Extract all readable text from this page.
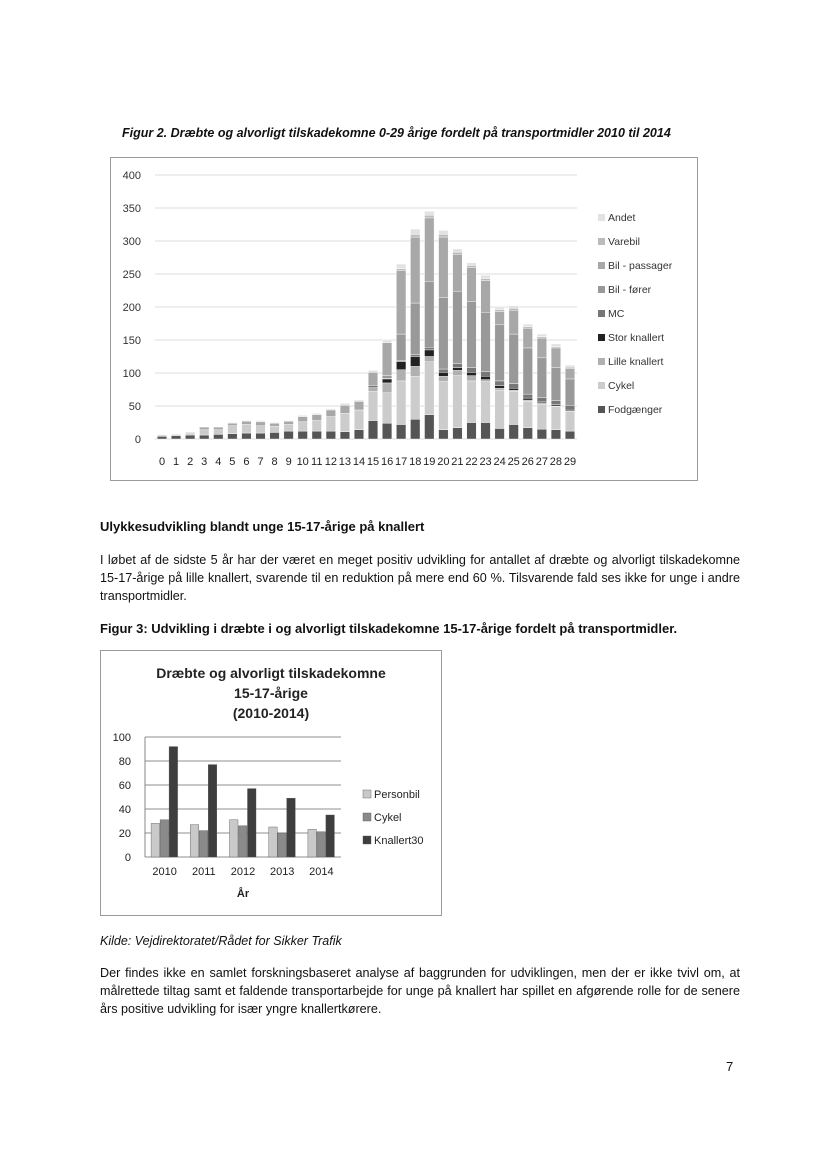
Figur 2. Dræbte og alvorligt tilskadekomne 0-29 årige fordelt på transportmidler 2010 til 2014
0
50
100
150
200
250
300
350
400
0 1 2 3 4 5 6 7 8 9 10 11 12 13 14 15 16 17 18 19 20 21 22 23 24 25 26 27 28 29
Andet
Varebil
Bil - passager
Bil - fører
MC
Stor knallert
Lille knallert
Cykel
Fodgænger
Ulykkesudvikling blandt unge 15-17-årige på knallert
I løbet af de sidste 5 år har der været en meget positiv udvikling for antallet af dræbte og alvorligt tilskadekomne 15-17-årige på lille knallert, svarende til en reduktion på mere end 60 %. Tilsvarende fald ses ikke for unge i andre transportmidler.
Figur 3: Udvikling i dræbte i og alvorligt tilskadekomne 15-17-årige fordelt på transportmidler.
Dræbte og alvorligt tilskadekomne
15-17-årige
(2010-2014)
0
20
40
60
80
100
2010 2011 2012 2013 2014
År
Personbil
Cykel
Knallert30
Kilde: Vejdirektoratet/Rådet for Sikker Trafik
Der findes ikke en samlet forskningsbaseret analyse af baggrunden for udviklingen, men der er ikke tvivl om, at målrettede tiltag samt et faldende transportarbejde for unge på knallert har spillet en afgørende rolle for de senere års positive udvikling for især yngre knallertkørere.
7
